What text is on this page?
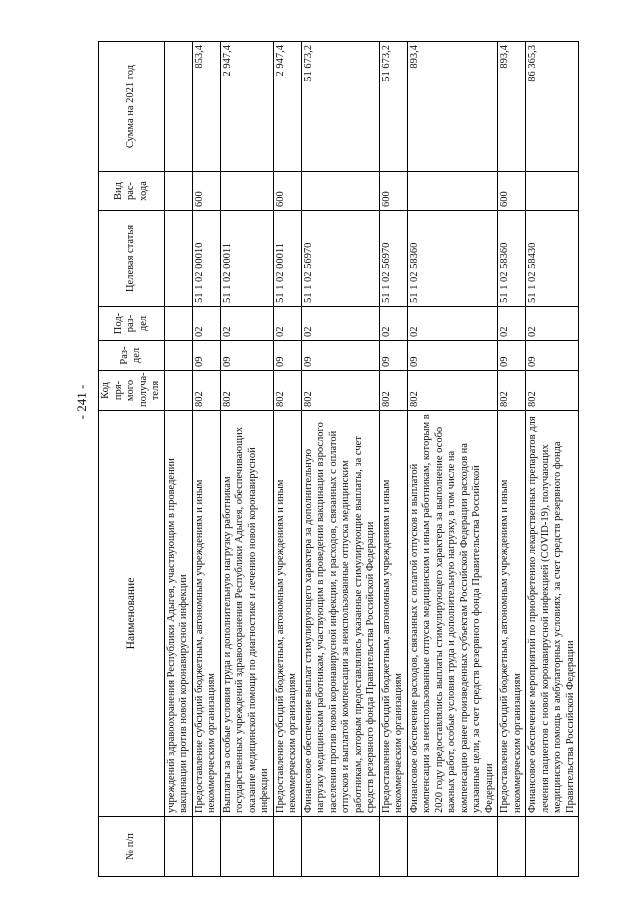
- 241 -
№ п/п	Наименование	Код пря-мого получа-теля	Раз-дел	Под-раз-дел	Целевая статья	Вид рас-хода	Сумма на 2021 год
	учреждений здравоохранения Республики Адыгея, участвующим в проведении вакцинации против новой коронавирусной инфекции						
	Предоставление субсидий бюджетным, автономным учреждениям и иным некоммерческим организациям	802	09	02	51 1 02 00010	600	853,4
	Выплаты за особые условия труда и дополнительную нагрузку работникам государственных учреждений здравоохранения Республики Адыгея, обеспечивающих оказание медицинской помощи по диагностике и лечению новой коронавирусной инфекции	802	09	02	51 1 02 00011		2 947,4
	Предоставление субсидий бюджетным, автономным учреждениям и иным некоммерческим организациям	802	09	02	51 1 02 00011	600	2 947,4
	Финансовое обеспечение выплат стимулирующего характера за дополнительную нагрузку медицинским работникам, участвующим в проведении вакцинации взрослого населения против новой коронавирусной инфекции, и расходов, связанных с оплатой отпусков и выплатой компенсации за неиспользованные отпуска медицинским работникам, которым предоставлялись указанные стимулирующие выплаты, за счет средств резервного фонда Правительства Российской Федерации	802	09	02	51 1 02 56970		51 673,2
	Предоставление субсидий бюджетным, автономным учреждениям и иным некоммерческим организациям	802	09	02	51 1 02 56970	600	51 673,2
	Финансовое обеспечение расходов, связанных с оплатой отпусков и выплатой компенсации за неиспользованные отпуска медицинским и иным работникам, которым в 2020 году предоставлялись выплаты стимулирующего характера за выполнение особо важных работ, особые условия труда и дополнительную нагрузку, в том числе на компенсацию ранее произведенных субъектам Российской Федерации расходов на указанные цели, за счет средств резервного фонда Правительства Российской Федерации	802	09	02	51 1 02 58360		893,4
	Предоставление субсидий бюджетным, автономным учреждениям и иным некоммерческим организациям	802	09	02	51 1 02 58360	600	893,4
	Финансовое обеспечение мероприятий по приобретению лекарственных препаратов для лечения пациентов с новой коронавирусной инфекцией (COVID-19), получающих медицинскую помощь в амбулаторных условиях, за счет средств резервного фонда Правительства Российской Федерации	802	09	02	51 1 02 58430		86 365,3
